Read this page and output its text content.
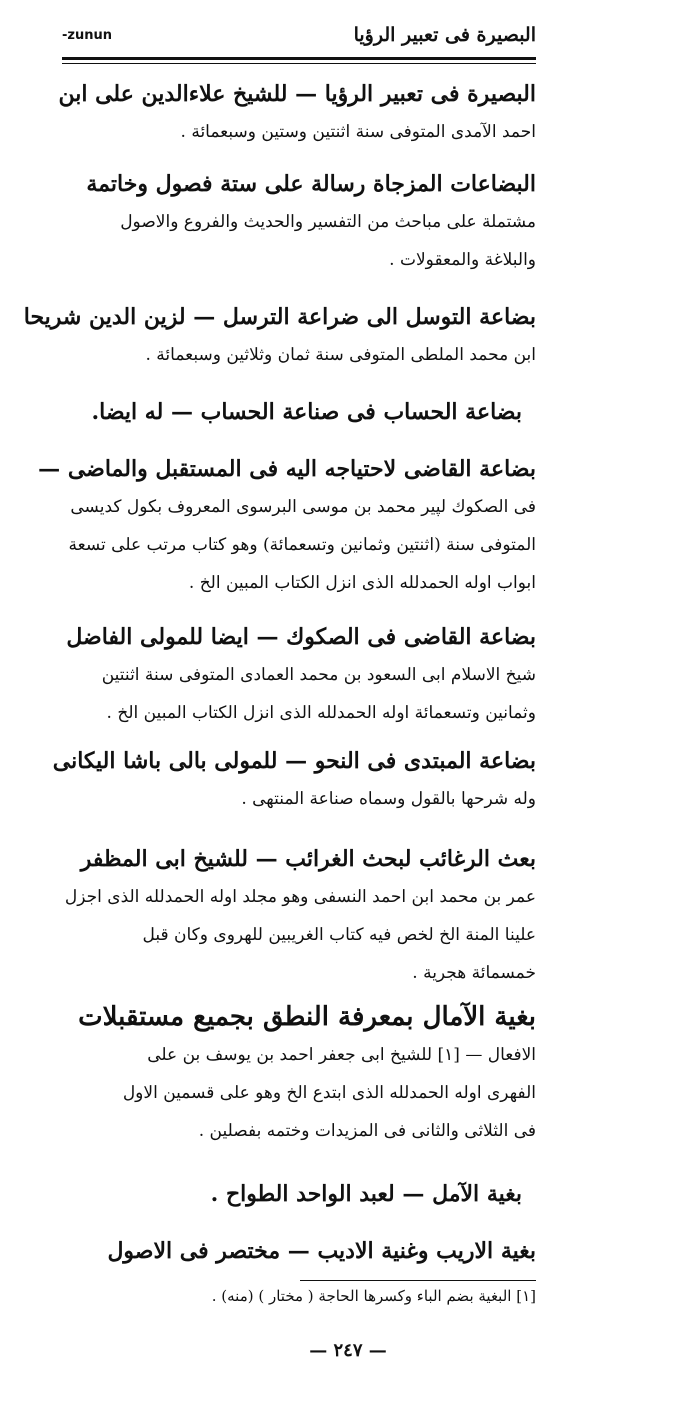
البصيرة فى تعبير الرؤيا
-zunun
البصيرة فى تعبير الرؤيا — للشيخ علاءالدين على ابن
احمد الآمدى المتوفى سنة اثنتين وستين وسبعمائة .
البضاعات المزجاة رسالة على ستة فصول وخاتمة
مشتملة على مباحث من التفسير والحديث والفروع والاصول
والبلاغة والمعقولات .
بضاعة التوسل الى ضراعة الترسل — لزين الدين شريحا
ابن محمد الملطى المتوفى سنة ثمان وثلاثين وسبعمائة .
بضاعة الحساب فى صناعة الحساب — له ايضا.
بضاعة القاضى لاحتياجه اليه فى المستقبل والماضى —
فى الصكوك لپير محمد بن موسى البرسوى المعروف بكول كديسى
المتوفى سنة (اثنتين وثمانين وتسعمائة) وهو كتاب مرتب على تسعة
ابواب اوله الحمدلله الذى انزل الكتاب المبين الخ .
بضاعة القاضى فى الصكوك — ايضا للمولى الفاضل
شيخ الاسلام ابى السعود بن محمد العمادى المتوفى سنة اثنتين
وثمانين وتسعمائة اوله الحمدلله الذى انزل الكتاب المبين الخ .
بضاعة المبتدى فى النحو — للمولى بالى باشا اليكانى
وله شرحها بالقول وسماه صناعة المنتهى .
بعث الرغائب لبحث الغرائب — للشيخ ابى المظفر
عمر بن محمد ابن احمد النسفى وهو مجلد اوله الحمدلله الذى اجزل
علينا المنة الخ لخص فيه كتاب الغريبين للهروى وكان قبل
خمسمائة هجرية .
بغية الآمال بمعرفة النطق بجميع مستقبلات
الافعال — [١] للشيخ ابى جعفر احمد بن يوسف بن على
الفهرى اوله الحمدلله الذى ابتدع الخ وهو على قسمين الاول
فى الثلاثى والثانى فى المزيدات وختمه بفصلين .
بغية الآمل — لعبد الواحد الطواح .
بغية الاريب وغنية الاديب — مختصر فى الاصول
[١] البغية بضم الباء وكسرها الحاجة ( مختار ) (منه) .
— ٢٤٧ —
